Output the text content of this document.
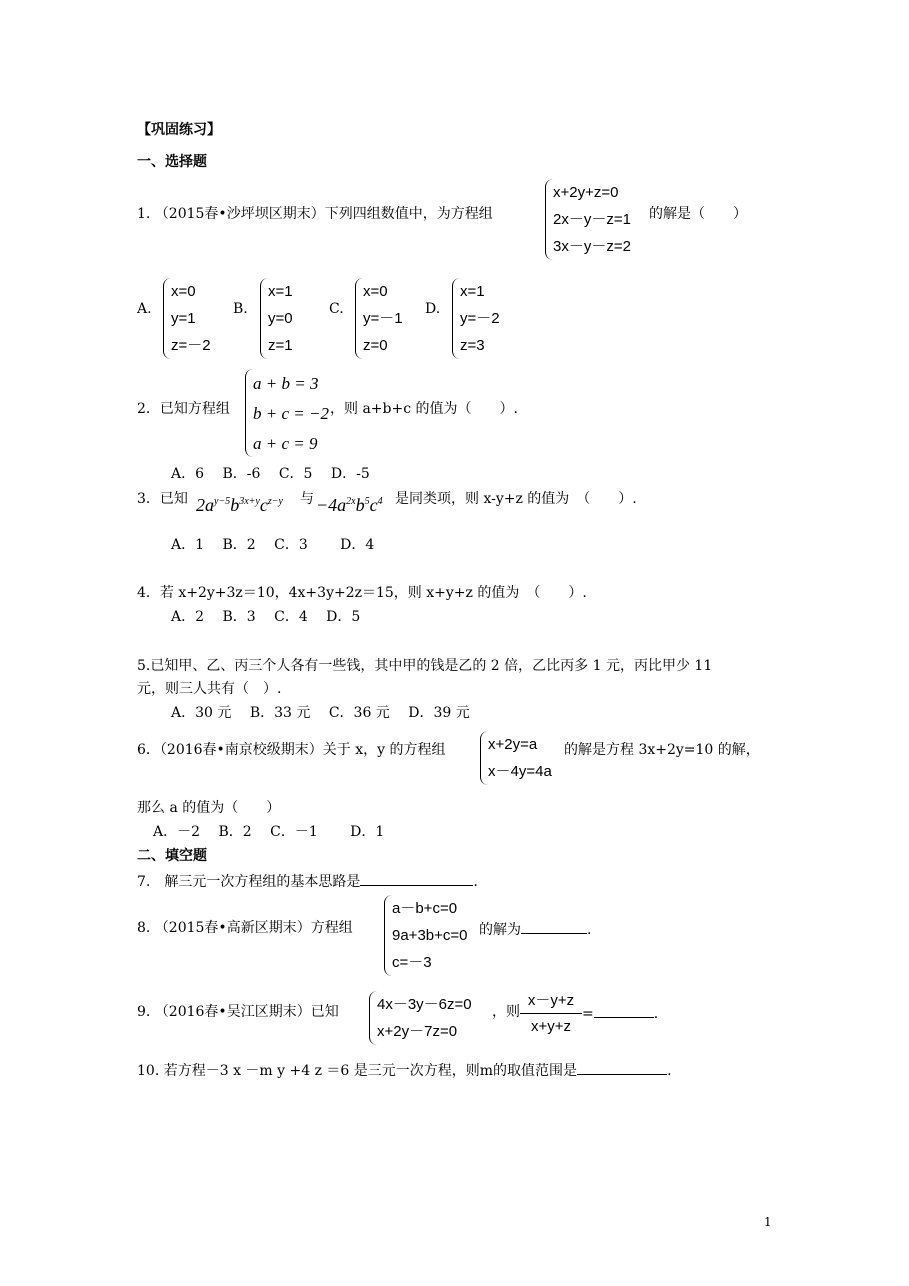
【巩固练习】
一、选择题
1. （2015春•沙坪坝区期末）下列四组数值中，为方程组
x+2y+z=0
2x－y－z=1
3x－y－z=2
的解是（　　）
A.
x=0
y=1
z=－2
B.
x=1
y=0
z=1
C.
x=0
y=－1
z=0
D.
x=1
y=－2
z=3
2．已知方程组
a + b = 3
b + c = −2
a + c = 9
，则 a+b+c 的值为（　　）.
A．6　 B．-6　 C．5　 D．-5
3．已知 $2a^{y-5}b^{3x+y}c^{z-y}$ 与 $-4a^{2x}b^5c^4$ 是同类项，则 x-y+z 的值为　（　　）.
A．1　 B．2　 C．3　　 D．4
4．若 x+2y+3z＝10，4x+3y+2z＝15，则 x+y+z 的值为　（　　）.
A．2　 B．3　 C．4　 D．5
5.已知甲、乙、丙三个人各有一些钱，其中甲的钱是乙的 2 倍，乙比丙多 1 元，丙比甲少 11
元，则三人共有（　）.
A．30 元　 B．33 元　 C．36 元　 D．39 元
6．（2016春•南京校级期末）关于 x，y 的方程组	x+2y=a
x－4y=4a
的解是方程 3x+2y=10 的解，
那么 a 的值为（　　）
A．－2　 B．2　 C．－1　　 D．1
二、填空题
7.　解三元一次方程组的基本思路是	.
8. （2015春•高新区期末）方程组
a－b+c=0
9a+3b+c=0
c=－3
的解为	.
9. （2016春•吴江区期末）已知	4x－3y－6z=0
x+2y－7z=0
，则 $\frac{x-y+z}{x+y+z}$ =	.
10. 若方程－3 x －m y +4 z ＝6 是三元一次方程，则m的取值范围是	.
1
